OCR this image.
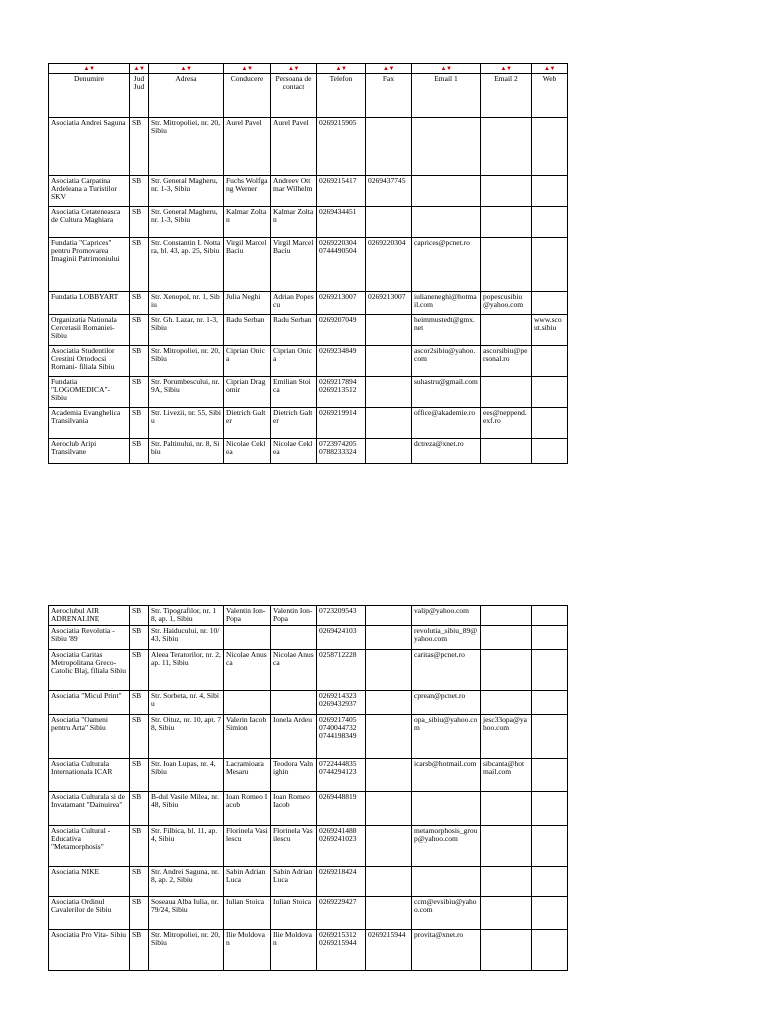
▲▼	▲▼	▲▼	▲▼	▲▼	▲▼	▲▼	▲▼	▲▼	▲▼
Denumire	Jud Jud	Adresa	Conducere	Persoana de contact	Telefon	Fax	Email 1	Email 2	Web
Asociatia Andrei Saguna	SB	Str. Mitropoliei, nr. 20, Sibiu	Aurel Pavel	Aurel Pavel	0269215905				
Asociatia Carpatina Ardeleana a Turistilor SKV	SB	Str. General Magheru, nr. 1-3, Sibiu	Fuchs Wolfgang Werner	Andreev Ottmar Wilhelm	0269215417	0269437745			
Asociatia Cetateneasca de Cultura Maghiara	SB	Str. General Magheru, nr. 1-3, Sibiu	Kalmar Zoltan	Kalmar Zoltan	0269434451				
Fundatia "Caprices" pentru Promovarea Imaginii Patrimoniului	SB	Str. Constantin I. Nottara, bl. 43, ap. 25, Sibiu	Virgil Marcel Baciu	Virgil Marcel Baciu	0269220304 0744490504	0269220304	caprices@pcnet.ro		
Fundatia LOBBYART	SB	Str. Xenopol, nr. 1, Sibiu	Julia Neghi	Adrian Popescu	0269213007	0269213007	iulianeneghi@hotmail.com	popescusibiu@yahoo.com	
Organizatia Nationala Cercetasii Romaniei- Sibiu	SB	Str. Gh. Lazar, nr. 1-3, Sibiu	Radu Serban	Radu Serban	0269207049		heimmustedt@gmx.net		www.scout.sibiu
Asociatia Studentilor Crestini Ortodocsi Romani- filiala Sibiu	SB	Str. Mitropoliei, nr. 20, Sibiu	Ciprian Onica	Ciprian Onica	0269234849		ascor2sibiu@yahoo.com	ascorsibiu@personal.ro	
Fundatia "LOGOMEDICA"- Sibiu	SB	Str. Porumbescului, nr. 9A, Sibiu	Ciprian Dragomir	Emilian Stoica	0269217894 0269213512		suhastru@gmail.com		
Academia Evanghelica Transilvania	SB	Str. Livezii, nr. 55, Sibiu	Dietrich Galter	Dietrich Galter	0269219914		office@akademie.ro	ees@neppend.exf.ro	
Aeroclub Aripi Transilvane	SB	Str. Paltinului, nr. 8, Sibiu	Nicolae Ceklea	Nicolae Ceklea	0723974205 0788233324		dctreza@xnet.ro		
Aeroclubul AIR ADRENALINE	SB	Str. Tipografilor, nr. 18, ap. 1, Sibiu	Valentin Ion- Popa	Valentin Ion- Popa	0723209543		valip@yahoo.com		
Asociatia Revolutia - Sibiu '89	SB	Str. Haiducului, nr. 10/43, Sibiu			0269424103		revolutia_sibiu_89@yahoo.com		
Asociatia Caritas Metropolitana Greco- Catolic Blaj, filiala Sibiu	SB	Aleea Teratorilor, nr. 2, ap. 11, Sibiu	Nicolae Anusca	Nicolae Anusca	0258712228		caritas@pcnet.ro		
Asociatia "Micul Print"	SB	Str. Sorbeta, nr. 4, Sibiu			0269214323 0269432937		cprean@pcnet.ro		
Asociatia "Oameni pentru Arta" Sibiu	SB	Str. Oituz, nr. 10, apt. 78, Sibiu	Valerin Iacob Simion	Ionela Ardeu	0269217405 0740044732 0744198349		opa_sibiu@yahoo.com	jesc33opa@yahoo.com	
Asociatia Culturala Internationala ICAR	SB	Str. Ioan Lupas, nr. 4, Sibiu	Lacramioara Mesaru	Teodora Valnighin	0722444835 0744294123		icarsb@hotmail.com	sibcanta@hotmail.com	
Asociatia Culturala si de Invatamant "Dainuirea"	SB	B-dul Vasile Milea, nr. 48, Sibiu	Ioan Romeo Iacob	Ioan Romeo Iacob	0269448819				
Asociatia Cultural - Educativa "Metamorphosis"	SB	Str. Filbica, bl. 11, ap. 4, Sibiu	Florinela Vasilescu	Florinela Vasilescu	0269241488 0269241023		metamorphosis_group@yahoo.com		
Asociatia NIKE	SB	Str. Andrei Saguna, nr. 8, ap. 2, Sibiu	Sabin Adrian Luca	Sabin Adrian Luca	0269218424				
Asociatia Ordinul Cavalerilor de Sibiu	SB	Soseaua Alba Iulia, nr. 79/24, Sibiu	Iulian Stoica	Iulian Stoica	0269229427		ccm@evsibiu@yahoo.com		
Asociatia Pro Vita- Sibiu	SB	Str. Mitropoliei, nr. 20, Sibiu	Ilie Moldovan	Ilie Moldovan	0269215312 0269215944	0269215944	provita@xnet.ro		
